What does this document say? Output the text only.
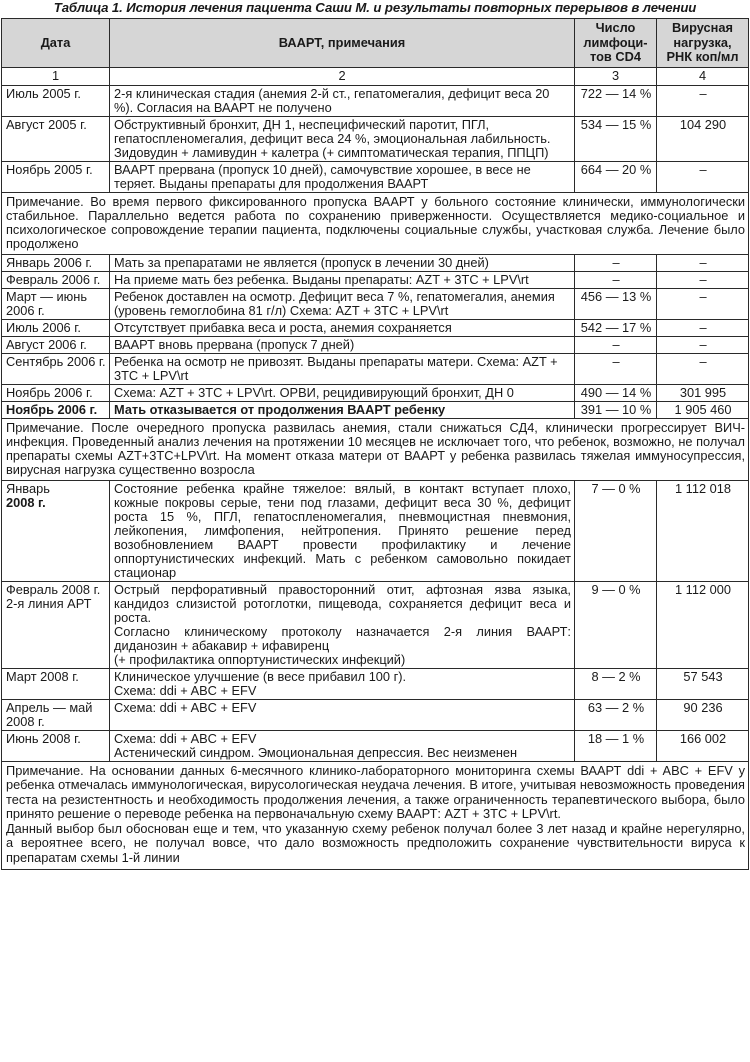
Таблица 1. История лечения пациента Саши М. и результаты повторных перерывов в лечении
Дата	ВААРТ, примечания	Число лимфоци-тов CD4	Вирусная нагрузка, РНК коп/мл
1	2	3	4
Июль 2005 г.	2-я клиническая стадия (анемия 2-й ст., гепатомегалия, дефицит веса 20 %). Согласия на ВААРТ не получено	722 — 14 %	–
Август 2005 г.	Обструктивный бронхит, ДН 1, неспецифический паротит, ПГЛ, гепатоспленомегалия, дефицит веса 24 %, эмоциональная лабильность. Зидовудин + ламивудин + калетра (+ симптоматическая терапия, ППЦП)	534 — 15 %	104 290
Ноябрь 2005 г.	ВААРТ прервана (пропуск 10 дней), самочувствие хорошее, в весе не теряет. Выданы препараты для продолжения ВААРТ	664 — 20 %	–
Примечание. Во время первого фиксированного пропуска ВААРТ у больного состояние клинически, иммунологически стабильное. Параллельно ведется работа по сохранению приверженности. Осуществляется медико-социальное и психологическое сопровождение терапии пациента, подключены социальные службы, участковая служба. Лечение было продолжено			
Январь 2006 г.	Мать за препаратами не является (пропуск в лечении 30 дней)	–	–
Февраль 2006 г.	На приеме мать без ребенка. Выданы препараты: AZT + 3TC + LPV\rt	–	–
Март — июнь 2006 г.	Ребенок доставлен на осмотр. Дефицит веса 7 %, гепатомегалия, анемия (уровень гемоглобина 81 г/л) Схема: AZT + 3TC + LPV\rt	456 — 13 %	–
Июль 2006 г.	Отсутствует прибавка веса и роста, анемия сохраняется	542 — 17 %	–
Август 2006 г.	ВААРТ вновь прервана (пропуск 7 дней)	–	–
Сентябрь 2006 г.	Ребенка на осмотр не привозят. Выданы препараты матери. Схема: AZT + 3TC + LPV\rt	–	–
Ноябрь 2006 г.	Схема: AZT + 3TC + LPV\rt. ОРВИ, рецидивирующий бронхит, ДН 0	490 — 14 %	301 995
Ноябрь 2006 г.	Мать отказывается от продолжения ВААРТ ребенку	391 — 10 %	1 905 460
Примечание. После очередного пропуска развилась анемия, стали снижаться СД4, клинически прогрессирует ВИЧ-инфекция. Проведенный анализ лечения на протяжении 10 месяцев не исключает того, что ребенок, возможно, не получал препараты схемы AZT+3TC+LPV\rt. На момент отказа матери от ВААРТ у ребенка развилась тяжелая иммуносупрессия, вирусная нагрузка существенно возросла			

Январь
2008 г.	Состояние ребенка крайне тяжелое: вялый, в контакт вступает плохо, кожные покровы серые, тени под глазами, дефицит веса 30 %, дефицит роста 15 %, ПГЛ, гепатоспленомегалия, пневмоцистная пневмония, лейкопения, лимфопения, нейтропения. Принято решение перед возобновлением ВААРТ провести профилактику и лечение оппортунистических инфекций. Мать с ребенком самовольно покидает стационар	7 — 0 %	1 112 018

Февраль 2008 г.
2-я линия АРТ	Острый перфоративный правосторонний отит, афтозная язва языка, кандидоз слизистой ротоглотки, пищевода, сохраняется дефицит веса и роста.
Согласно клиническому протоколу назначается 2-я линия ВААРТ: диданозин + абакавир + ифавиренц
(+ профилактика оппортунистических инфекций)	9 — 0 %	1 112 000
Март 2008 г.	Клиническое улучшение (в весе прибавил 100 г).
Схема: ddi + ABC + EFV	8 — 2 %	57 543
Апрель — май 2008 г.	Схема: ddi + ABC + EFV	63 — 2 %	90 236
Июнь 2008 г.	Схема: ddi + ABC + EFV
Астенический синдром. Эмоциональная депрессия. Вес неизменен	18 — 1 %	166 002

Примечание. На основании данных 6-месячного клинико-лабораторного мониторинга схемы ВААРТ ddi + ABC + EFV у ребенка отмечалась иммунологическая, вирусологическая неудача лечения. В итоге, учитывая невозможность проведения теста на резистентность и необходимость продолжения лечения, а также ограниченность терапевтического выбора, было принято решение о переводе ребенка на первоначальную схему ВААРТ: AZT + 3TC + LPV\rt.
Данный выбор был обоснован еще и тем, что указанную схему ребенок получал более 3 лет назад и крайне нерегулярно, а вероятнее всего, не получал вовсе, что дало возможность предположить сохранение чувствительности вируса к препаратам схемы 1-й линии			
